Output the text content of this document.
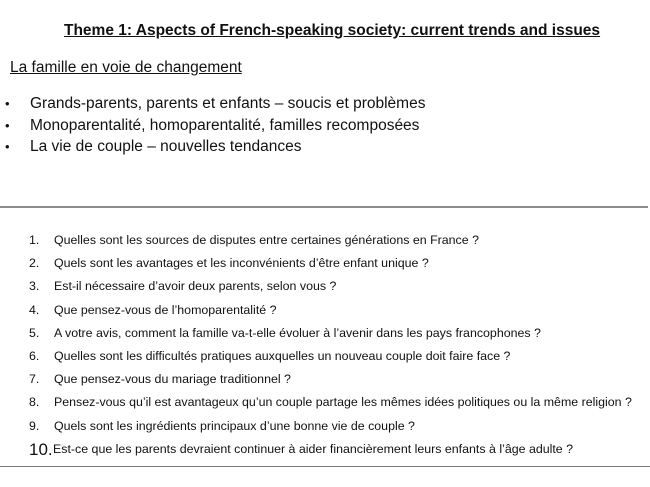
Theme 1: Aspects of French-speaking society: current trends and issues
La famille en voie de changement
• Grands-parents, parents et enfants – soucis et problèmes
• Monoparentalité, homoparentalité, familles recomposées
• La vie de couple – nouvelles tendances
1. Quelles sont les sources de disputes entre certaines générations en France ?
2. Quels sont les avantages et les inconvénients d’être enfant unique ?
3. Est-il nécessaire d’avoir deux parents, selon vous ?
4. Que pensez-vous de l’homoparentalité ?
5. A votre avis, comment la famille va-t-elle évoluer à l’avenir dans les pays francophones ?
6. Quelles sont les difficultés pratiques auxquelles un nouveau couple doit faire face ?
7. Que pensez-vous du mariage traditionnel ?
8. Pensez-vous qu’il est avantageux qu’un couple partage les mêmes idées politiques ou la même religion ?
9. Quels sont les ingrédients principaux d’une bonne vie de couple ?
10. Est-ce que les parents devraient continuer à aider financièrement leurs enfants à l’âge adulte ?
